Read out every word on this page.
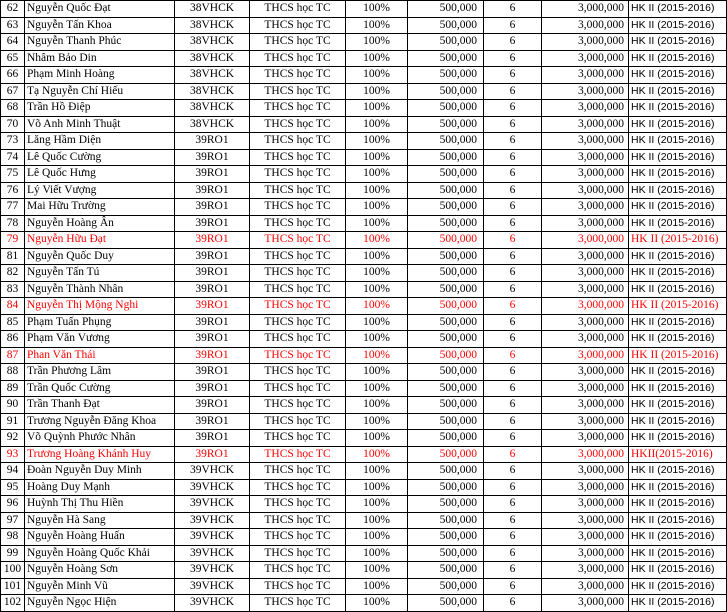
62	Nguyễn Quốc Đạt	38VHCK	THCS học TC	100%	500,000	6	3,000,000	HK II (2015-2016)
63	Nguyễn Tấn Khoa	38VHCK	THCS học TC	100%	500,000	6	3,000,000	HK II (2015-2016)
64	Nguyễn Thanh Phúc	38VHCK	THCS học TC	100%	500,000	6	3,000,000	HK II (2015-2016)
65	Nhâm Bảo Din	38VHCK	THCS học TC	100%	500,000	6	3,000,000	HK II (2015-2016)
66	Phạm Minh Hoàng	38VHCK	THCS học TC	100%	500,000	6	3,000,000	HK II (2015-2016)
67	Tạ Nguyễn Chí Hiếu	38VHCK	THCS học TC	100%	500,000	6	3,000,000	HK II (2015-2016)
68	Trần Hồ Điệp	38VHCK	THCS học TC	100%	500,000	6	3,000,000	HK II (2015-2016)
70	Võ Anh Minh Thuật	38VHCK	THCS học TC	100%	500,000	6	3,000,000	HK II (2015-2016)
73	Lăng Hầm Diện	39RO1	THCS học TC	100%	500,000	6	3,000,000	HK II (2015-2016)
74	Lê Quốc Cường	39RO1	THCS học TC	100%	500,000	6	3,000,000	HK II (2015-2016)
75	Lê Quốc Hưng	39RO1	THCS học TC	100%	500,000	6	3,000,000	HK II (2015-2016)
76	Lý Viết Vượng	39RO1	THCS học TC	100%	500,000	6	3,000,000	HK II (2015-2016)
77	Mai Hữu Trường	39RO1	THCS học TC	100%	500,000	6	3,000,000	HK II (2015-2016)
78	Nguyễn Hoàng Ân	39RO1	THCS học TC	100%	500,000	6	3,000,000	HK II (2015-2016)
79	Nguyễn Hữu Đạt	39RO1	THCS học TC	100%	500,000	6	3,000,000	HK II (2015-2016)
81	Nguyễn Quốc Duy	39RO1	THCS học TC	100%	500,000	6	3,000,000	HK II (2015-2016)
82	Nguyễn Tấn Tú	39RO1	THCS học TC	100%	500,000	6	3,000,000	HK II (2015-2016)
83	Nguyễn Thành Nhân	39RO1	THCS học TC	100%	500,000	6	3,000,000	HK II (2015-2016)
84	Nguyễn Thị Mộng Nghi	39RO1	THCS học TC	100%	500,000	6	3,000,000	HK II (2015-2016)
85	Phạm Tuấn Phụng	39RO1	THCS học TC	100%	500,000	6	3,000,000	HK II (2015-2016)
86	Phạm Văn Vương	39RO1	THCS học TC	100%	500,000	6	3,000,000	HK II (2015-2016)
87	Phan Văn Thái	39RO1	THCS học TC	100%	500,000	6	3,000,000	HK II (2015-2016)
88	Trần Phương Lâm	39RO1	THCS học TC	100%	500,000	6	3,000,000	HK II (2015-2016)
89	Trần Quốc Cường	39RO1	THCS học TC	100%	500,000	6	3,000,000	HK II (2015-2016)
90	Trần Thanh Đạt	39RO1	THCS học TC	100%	500,000	6	3,000,000	HK II (2015-2016)
91	Trương Nguyễn Đăng Khoa	39RO1	THCS học TC	100%	500,000	6	3,000,000	HK II (2015-2016)
92	Võ Quỳnh Phước Nhân	39RO1	THCS học TC	100%	500,000	6	3,000,000	HK II (2015-2016)
93	Trương Hoàng Khánh Huy	39RO1	THCS học TC	100%	500,000	6	3,000,000	HKII(2015-2016)
94	Đoàn Nguyễn Duy Minh	39VHCK	THCS học TC	100%	500,000	6	3,000,000	HK II (2015-2016)
95	Hoàng Duy Mạnh	39VHCK	THCS học TC	100%	500,000	6	3,000,000	HK II (2015-2016)
96	Huỳnh Thị Thu Hiền	39VHCK	THCS học TC	100%	500,000	6	3,000,000	HK II (2015-2016)
97	Nguyễn Hà Sang	39VHCK	THCS học TC	100%	500,000	6	3,000,000	HK II (2015-2016)
98	Nguyễn Hoàng Huấn	39VHCK	THCS học TC	100%	500,000	6	3,000,000	HK II (2015-2016)
99	Nguyễn Hoàng Quốc Khải	39VHCK	THCS học TC	100%	500,000	6	3,000,000	HK II (2015-2016)
100	Nguyễn Hoàng Sơn	39VHCK	THCS học TC	100%	500,000	6	3,000,000	HK II (2015-2016)
101	Nguyễn Minh Vũ	39VHCK	THCS học TC	100%	500,000	6	3,000,000	HK II (2015-2016)
102	Nguyễn Ngọc Hiện	39VHCK	THCS học TC	100%	500,000	6	3,000,000	HK II (2015-2016)
